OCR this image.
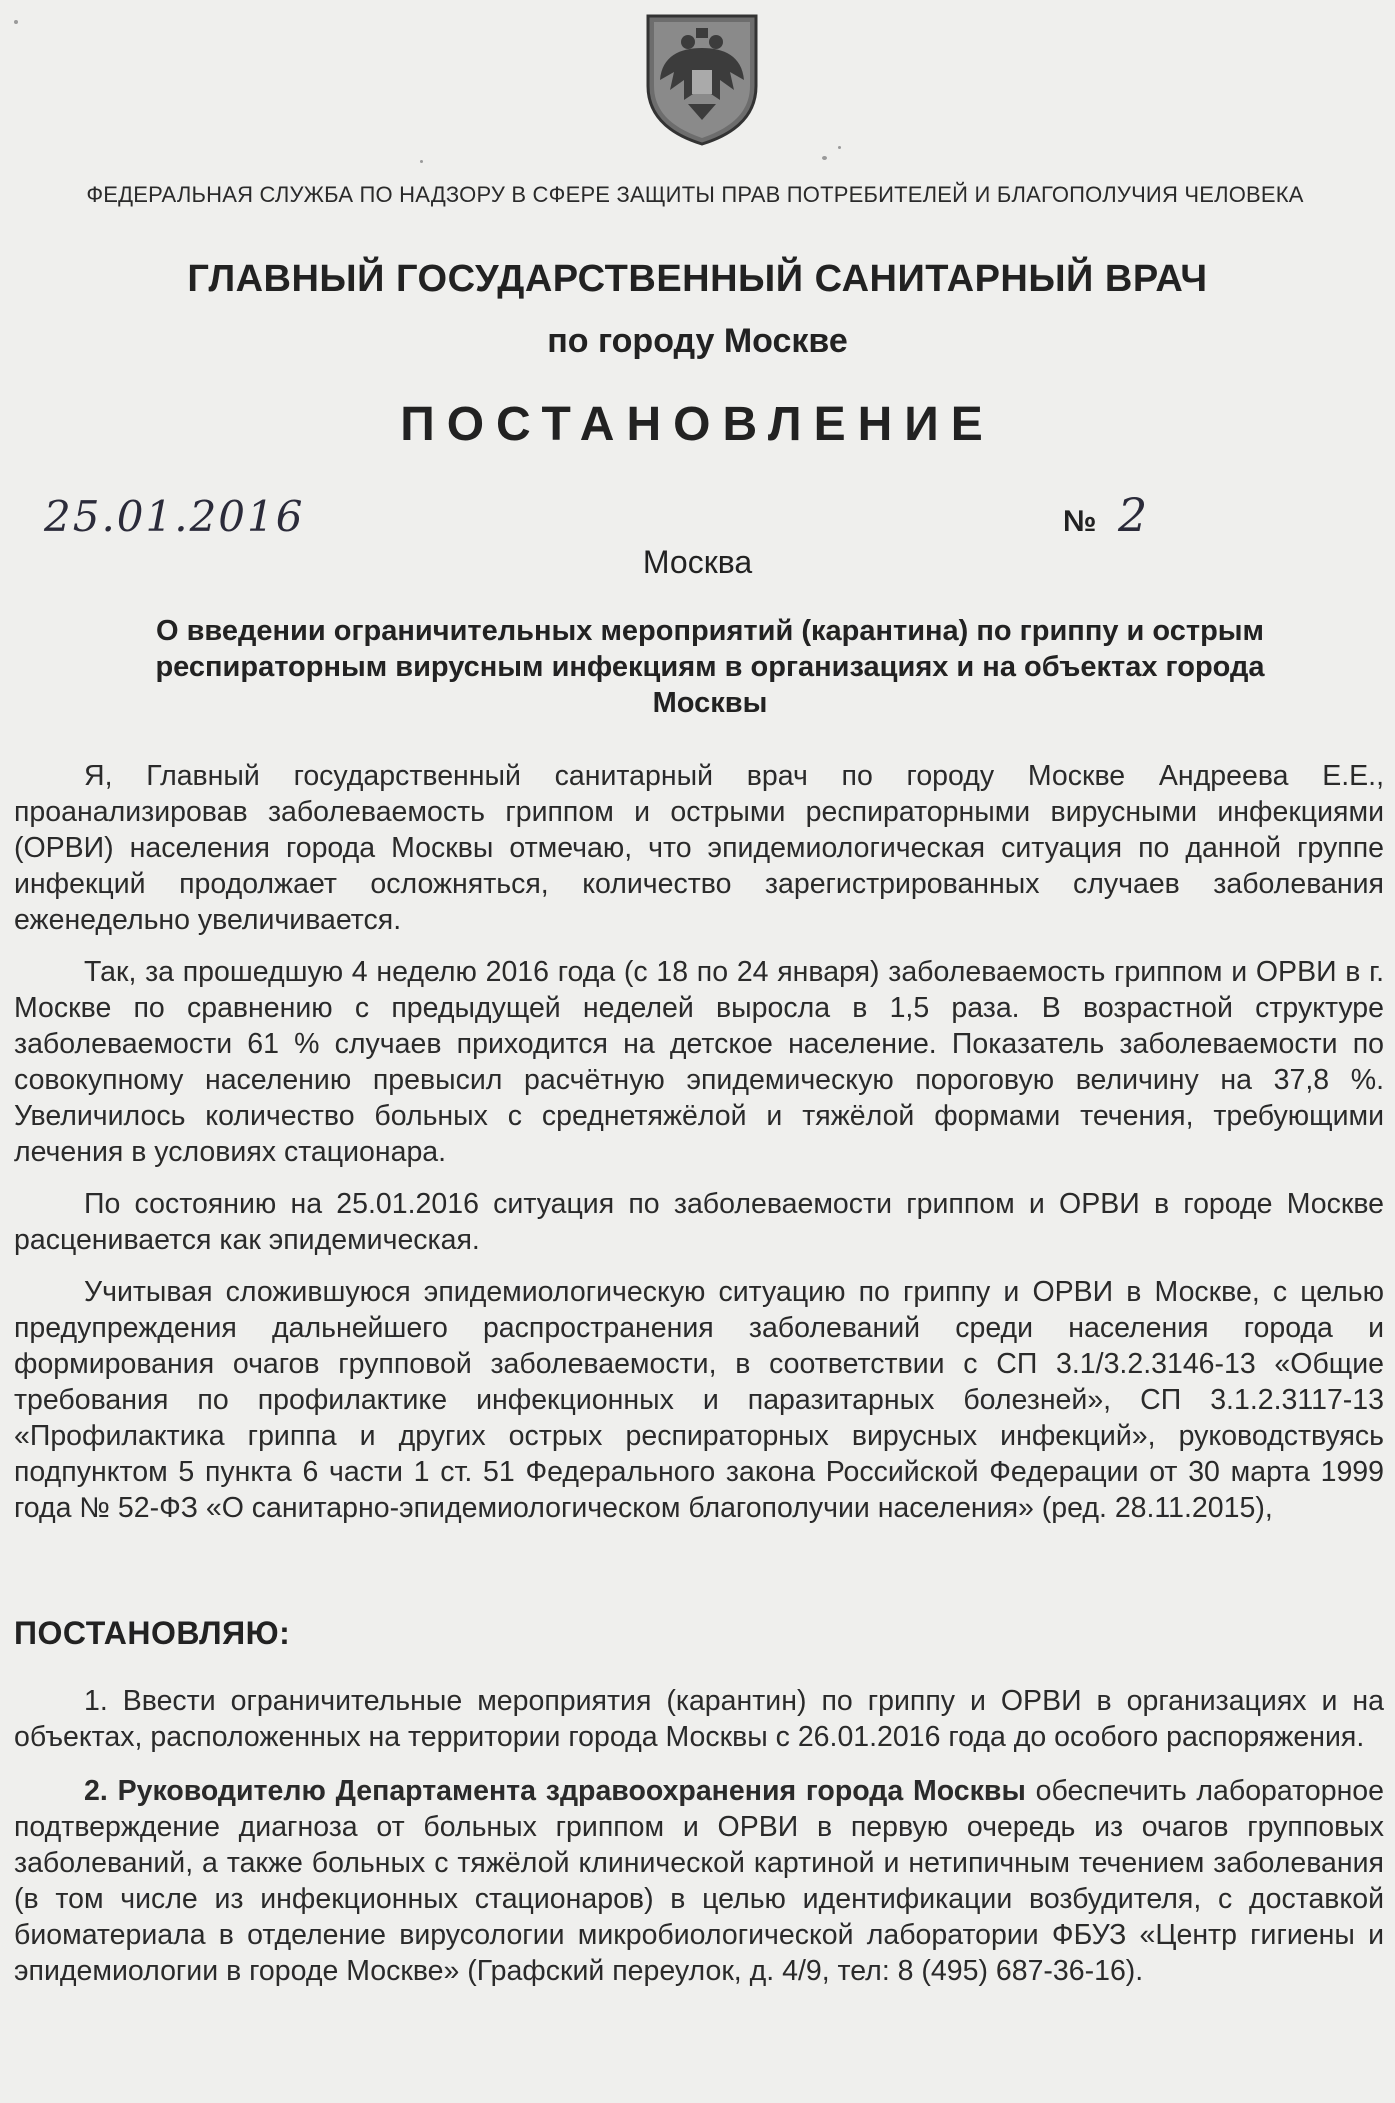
ФЕДЕРАЛЬНАЯ СЛУЖБА ПО НАДЗОРУ В СФЕРЕ ЗАЩИТЫ ПРАВ ПОТРЕБИТЕЛЕЙ И БЛАГОПОЛУЧИЯ ЧЕЛОВЕКА
ГЛАВНЫЙ ГОСУДАРСТВЕННЫЙ САНИТАРНЫЙ ВРАЧ
по городу Москве
ПОСТАНОВЛЕНИЕ
25.01.2016	№ 2
Москва
О введении ограничительных мероприятий (карантина) по гриппу и острым респираторным вирусным инфекциям в организациях и на объектах города Москвы

Я, Главный государственный санитарный врач по городу Москве Андреева Е.Е., проанализировав заболеваемость гриппом и острыми респираторными вирусными инфекциями (ОРВИ) населения города Москвы отмечаю, что эпидемиологическая ситуация по данной группе инфекций продолжает осложняться, количество зарегистрированных случаев заболевания еженедельно увеличивается.

Так, за прошедшую 4 неделю 2016 года (с 18 по 24 января) заболеваемость гриппом и ОРВИ в г. Москве по сравнению с предыдущей неделей выросла в 1,5 раза. В возрастной структуре заболеваемости 61 % случаев приходится на детское население. Показатель заболеваемости по совокупному населению превысил расчётную эпидемическую пороговую величину на 37,8 %. Увеличилось количество больных с среднетяжёлой и тяжёлой формами течения, требующими лечения в условиях стационара.

По состоянию на 25.01.2016 ситуация по заболеваемости гриппом и ОРВИ в городе Москве расценивается как эпидемическая.

Учитывая сложившуюся эпидемиологическую ситуацию по гриппу и ОРВИ в Москве, с целью предупреждения дальнейшего распространения заболеваний среди населения города и формирования очагов групповой заболеваемости, в соответствии с СП 3.1/3.2.3146-13 «Общие требования по профилактике инфекционных и паразитарных болезней», СП 3.1.2.3117-13 «Профилактика гриппа и других острых респираторных вирусных инфекций», руководствуясь подпунктом 5 пункта 6 части 1 ст. 51 Федерального закона Российской Федерации от 30 марта 1999 года № 52-ФЗ «О санитарно-эпидемиологическом благополучии населения» (ред. 28.11.2015),

ПОСТАНОВЛЯЮ:

1. Ввести ограничительные мероприятия (карантин) по гриппу и ОРВИ в организациях и на объектах, расположенных на территории города Москвы с 26.01.2016 года до особого распоряжения.

2. Руководителю Департамента здравоохранения города Москвы обеспечить лабораторное подтверждение диагноза от больных гриппом и ОРВИ в первую очередь из очагов групповых заболеваний, а также больных с тяжёлой клинической картиной и нетипичным течением заболевания (в том числе из инфекционных стационаров) в целью идентификации возбудителя, с доставкой биоматериала в отделение вирусологии микробиологической лаборатории ФБУЗ «Центр гигиены и эпидемиологии в городе Москве» (Графский переулок, д. 4/9, тел: 8 (495) 687-36-16).
